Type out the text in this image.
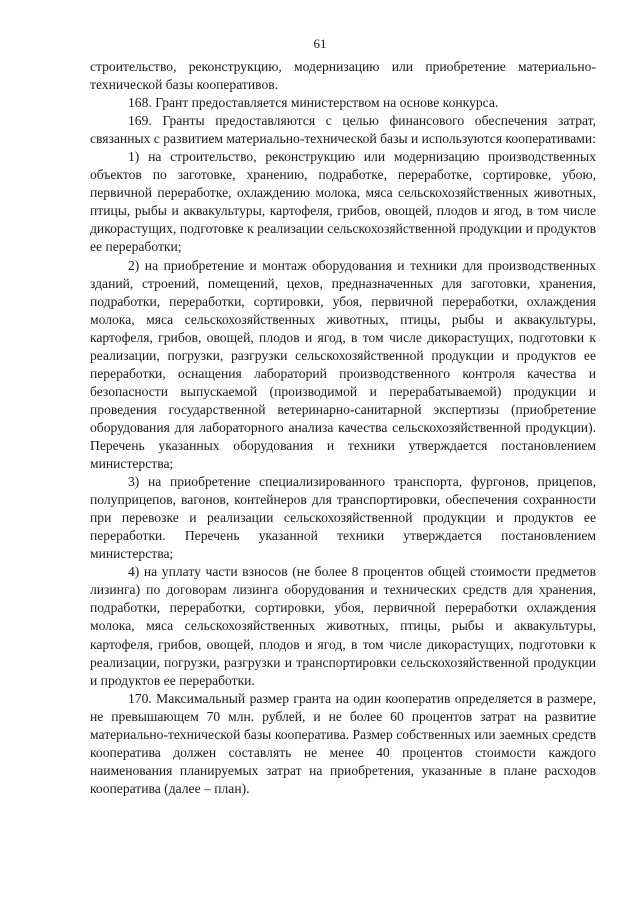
61

строительство, реконструкцию, модернизацию или приобретение материально-технической базы кооперативов.

168. Грант предоставляется министерством на основе конкурса.

169. Гранты предоставляются с целью финансового обеспечения затрат, связанных с развитием материально-технической базы и используются кооперативами:

1) на строительство, реконструкцию или модернизацию производственных объектов по заготовке, хранению, подработке, переработке, сортировке, убою, первичной переработке, охлаждению молока, мяса сельскохозяйственных животных, птицы, рыбы и аквакультуры, картофеля, грибов, овощей, плодов и ягод, в том числе дикорастущих, подготовке к реализации сельскохозяйственной продукции и продуктов ее переработки;

2) на приобретение и монтаж оборудования и техники для производственных зданий, строений, помещений, цехов, предназначенных для заготовки, хранения, подработки, переработки, сортировки, убоя, первичной переработки, охлаждения молока, мяса сельскохозяйственных животных, птицы, рыбы и аквакультуры, картофеля, грибов, овощей, плодов и ягод, в том числе дикорастущих, подготовки к реализации, погрузки, разгрузки сельскохозяйственной продукции и продуктов ее переработки, оснащения лабораторий производственного контроля качества и безопасности выпускаемой (производимой и перерабатываемой) продукции и проведения государственной ветеринарно-санитарной экспертизы (приобретение оборудования для лабораторного анализа качества сельскохозяйственной продукции). Перечень указанных оборудования и техники утверждается постановлением министерства;

3) на приобретение специализированного транспорта, фургонов, прицепов, полуприцепов, вагонов, контейнеров для транспортировки, обеспечения сохранности при перевозке и реализации сельскохозяйственной продукции и продуктов ее переработки. Перечень указанной техники утверждается постановлением министерства;

4) на уплату части взносов (не более 8 процентов общей стоимости предметов лизинга) по договорам лизинга оборудования и технических средств для хранения, подработки, переработки, сортировки, убоя, первичной переработки охлаждения молока, мяса сельскохозяйственных животных, птицы, рыбы и аквакультуры, картофеля, грибов, овощей, плодов и ягод, в том числе дикорастущих, подготовки к реализации, погрузки, разгрузки и транспортировки сельскохозяйственной продукции и продуктов ее переработки.

170. Максимальный размер гранта на один кооператив определяется в размере, не превышающем 70 млн. рублей, и не более 60 процентов затрат на развитие материально-технической базы кооператива. Размер собственных или заемных средств кооператива должен составлять не менее 40 процентов стоимости каждого наименования планируемых затрат на приобретения, указанные в плане расходов кооператива (далее – план).
